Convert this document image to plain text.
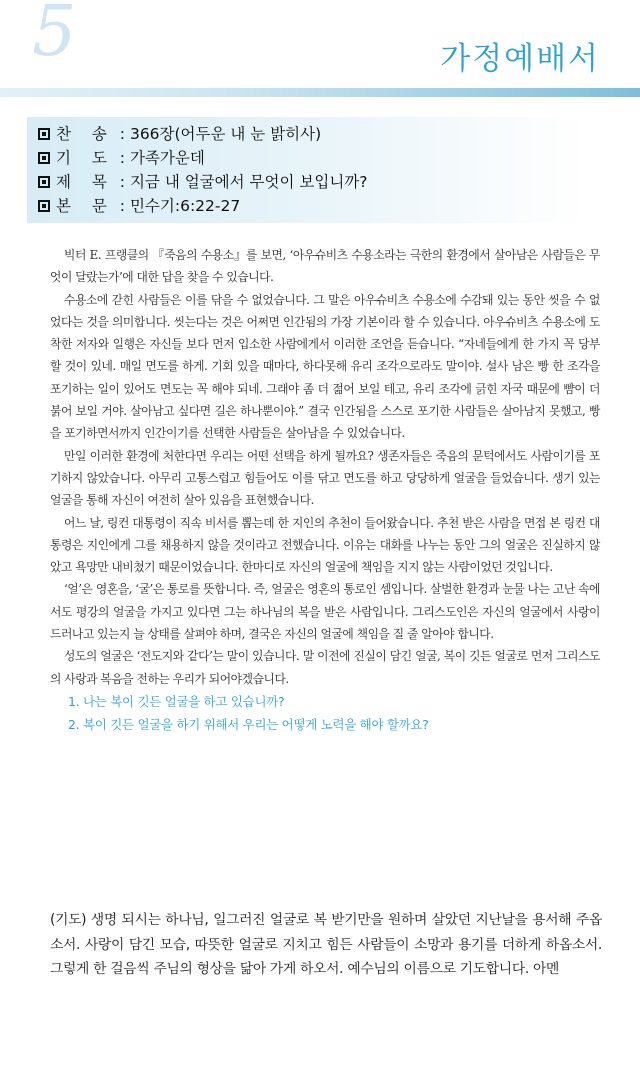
5	가정예배서
찬 송 : 366장(어두운 내 눈 밝히사)
기 도 : 가족가운데
제 목 : 지금 내 얼굴에서 무엇이 보입니까?
본 문 : 민수기:6:22-27

빅터 E. 프랭클의 『죽음의 수용소』를 보면, ‘아우슈비츠 수용소라는 극한의 환경에서 살아남은 사람들은 무엇이 달랐는가’에 대한 답을 찾을 수 있습니다.

수용소에 갇힌 사람들은 이를 닦을 수 없었습니다. 그 말은 아우슈비츠 수용소에 수감돼 있는 동안 씻을 수 없었다는 것을 의미합니다. 씻는다는 것은 어쩌면 인간됨의 가장 기본이라 할 수 있습니다. 아우슈비츠 수용소에 도착한 저자와 일행은 자신들 보다 먼저 입소한 사람에게서 이러한 조언을 듣습니다. “자네들에게 한 가지 꼭 당부할 것이 있네. 매일 면도를 하게. 기회 있을 때마다, 하다못해 유리 조각으로라도 말이야. 설사 남은 빵 한 조각을 포기하는 일이 있어도 면도는 꼭 해야 되네. 그래야 좀 더 젊어 보일 테고, 유리 조각에 긁힌 자국 때문에 뺨이 더 붉어 보일 거야. 살아남고 싶다면 길은 하나뿐이야.” 결국 인간됨을 스스로 포기한 사람들은 살아남지 못했고, 빵을 포기하면서까지 인간이기를 선택한 사람들은 살아남을 수 있었습니다.

만일 이러한 환경에 처한다면 우리는 어떤 선택을 하게 될까요? 생존자들은 죽음의 문턱에서도 사람이기를 포기하지 않았습니다. 아무리 고통스럽고 힘들어도 이를 닦고 면도를 하고 당당하게 얼굴을 들었습니다. 생기 있는 얼굴을 통해 자신이 여전히 살아 있음을 표현했습니다.

어느 날, 링컨 대통령이 직속 비서를 뽑는데 한 지인의 추천이 들어왔습니다. 추천 받은 사람을 면접 본 링컨 대통령은 지인에게 그를 채용하지 않을 것이라고 전했습니다. 이유는 대화를 나누는 동안 그의 얼굴은 진실하지 않았고 욕망만 내비쳤기 때문이었습니다. 한마디로 자신의 얼굴에 책임을 지지 않는 사람이었던 것입니다.

‘얼’은 영혼을, ‘굴’은 통로를 뜻합니다. 즉, 얼굴은 영혼의 통로인 셈입니다. 살벌한 환경과 눈물 나는 고난 속에서도 평강의 얼굴을 가지고 있다면 그는 하나님의 복을 받은 사람입니다. 그리스도인은 자신의 얼굴에서 사랑이 드러나고 있는지 늘 상태를 살펴야 하며, 결국은 자신의 얼굴에 책임을 질 줄 알아야 합니다.

성도의 얼굴은 ‘전도지와 같다’는 말이 있습니다. 말 이전에 진실이 담긴 얼굴, 복이 깃든 얼굴로 먼저 그리스도의 사랑과 복음을 전하는 우리가 되어야겠습니다.

1. 나는 복이 깃든 얼굴을 하고 있습니까?
2. 복이 깃든 얼굴을 하기 위해서 우리는 어떻게 노력을 해야 할까요?
(기도) 생명 되시는 하나님, 일그러진 얼굴로 복 받기만을 원하며 살았던 지난날을 용서해 주옵소서. 사랑이 담긴 모습, 따뜻한 얼굴로 지치고 힘든 사람들이 소망과 용기를 더하게 하옵소서. 그렇게 한 걸음씩 주님의 형상을 닮아 가게 하오서. 예수님의 이름으로 기도합니다. 아멘
